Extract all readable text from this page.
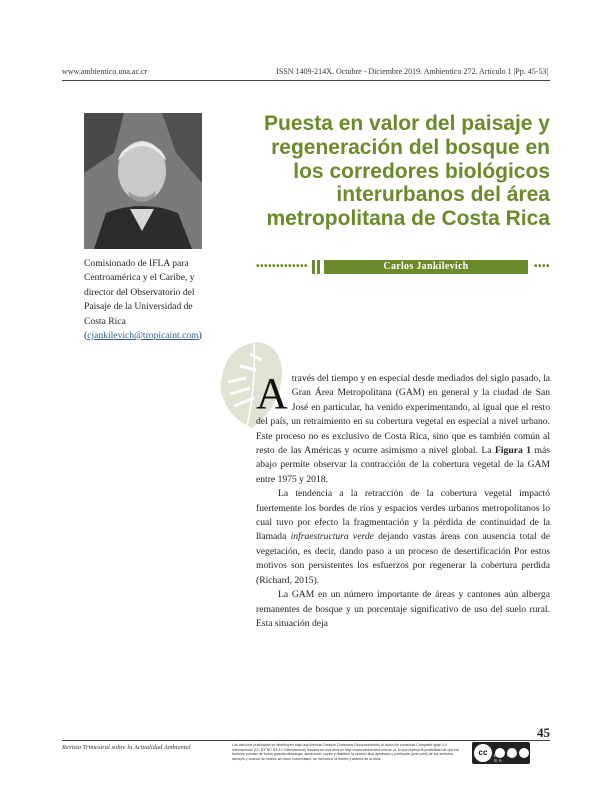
www.ambientico.una.ac.cr	ISSN 1409-214X. Octubre - Diciembre 2019. Ambientico 272. Artículo 1 |Pp. 45-53|
Comisionado de IFLA para Centroamérica y el Caribe, y director del Observatorio del Paisaje de la Universidad de Costa Rica (cjankilevich@tropicaint.com)
Puesta en valor del paisaje y regeneración del bosque en los corredores biológicos interurbanos del área metropolitana de Costa Rica
•••••••••••••	Carlos Jankilevich	••••

Através del tiempo y en especial desde mediados del siglo pasado, la Gran Área Metropolitana (GAM) en general y la ciudad de San José en particular, ha venido experimentando, al igual que el resto del país, un retraimiento en su cobertura vegetal en especial a nivel urbano. Este proceso no es exclusivo de Costa Rica, sino que es también común al resto de las Américas y ocurre asimismo a nivel global. La Figura 1 más abajo permite observar la contracción de la cobertura vegetal de la GAM entre 1975 y 2018.

La tendencia a la retracción de la cobertura vegetal impactó fuertemente los bordes de ríos y espacios verdes urbanos metropolitanos lo cual tuvo por efecto la fragmentación y la pérdida de continuidad de la llamada infraestructura verde dejando vastas áreas con ausencia total de vegetación, es decir, dando paso a un proceso de desertificación Por estos motivos son persistentes los esfuerzos por regenerar la cobertura perdida (Richard, 2015).

La GAM en un número importante de áreas y cantones aún alberga remanentes de bosque y un porcentaje significativo de uso del suelo rural. Esta situación deja

45
Revista Trimestral sobre la Actualidad Ambiental	Los artículos publicados se distribuyen bajo una licencia Creative Commons Reconocimiento al autor-No comercial-Compartir igual 4.0 Internacional (CC BY NC SA 4.0 Internacional) basada en una obra en http://www.ambientico.una.ac.cr, lo que implica la posibilidad de que los lectores puedan de forma gratuita descargar, almacenar, copiar y distribuir la versión final aprobada y publicada (post print) de los artículos, siempre y cuando se realice sin fines comerciales, se mencione la fuente y autoría de la obra.
cc	BY NC SA
